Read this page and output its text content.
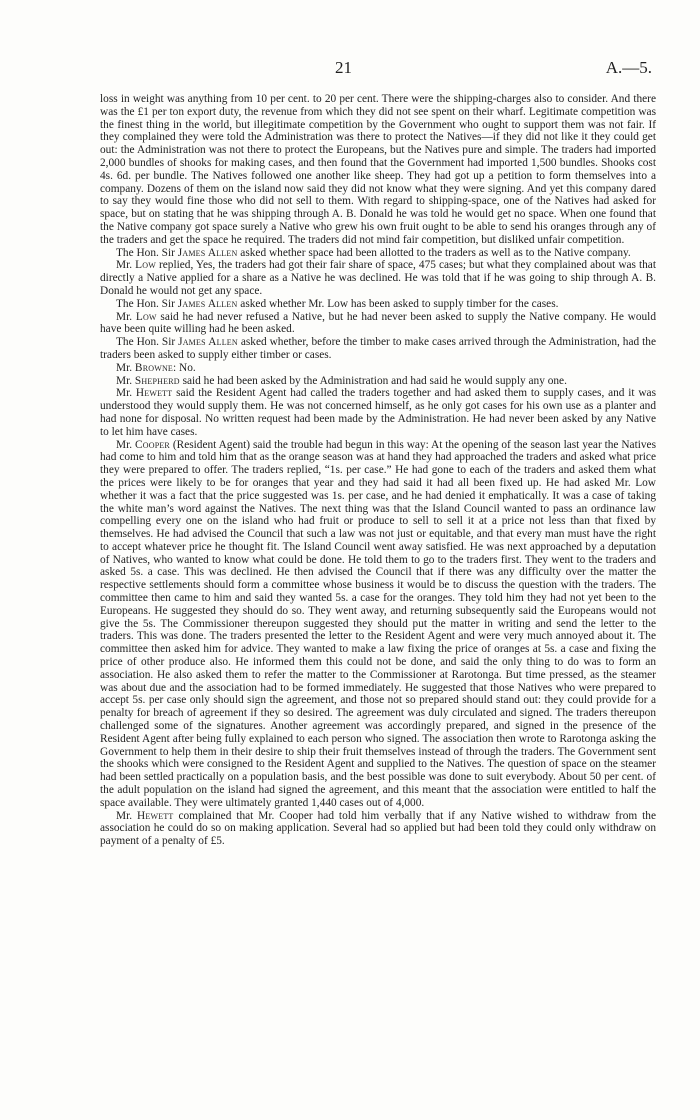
21	A.—5.

loss in weight was anything from 10 per cent. to 20 per cent. There were the shipping-charges also to consider. And there was the £1 per ton export duty, the revenue from which they did not see spent on their wharf. Legitimate competition was the finest thing in the world, but illegitimate competition by the Government who ought to support them was not fair. If they complained they were told the Administration was there to protect the Natives—if they did not like it they could get out: the Administration was not there to protect the Europeans, but the Natives pure and simple. The traders had imported 2,000 bundles of shooks for making cases, and then found that the Government had imported 1,500 bundles. Shooks cost 4s. 6d. per bundle. The Natives followed one another like sheep. They had got up a petition to form themselves into a company. Dozens of them on the island now said they did not know what they were signing. And yet this company dared to say they would fine those who did not sell to them. With regard to shipping-space, one of the Natives had asked for space, but on stating that he was shipping through A. B. Donald he was told he would get no space. When one found that the Native company got space surely a Native who grew his own fruit ought to be able to send his oranges through any of the traders and get the space he required. The traders did not mind fair competition, but disliked unfair competition.

The Hon. Sir James Allen asked whether space had been allotted to the traders as well as to the Native company.

Mr. Low replied, Yes, the traders had got their fair share of space, 475 cases; but what they complained about was that directly a Native applied for a share as a Native he was declined. He was told that if he was going to ship through A. B. Donald he would not get any space.

The Hon. Sir James Allen asked whether Mr. Low has been asked to supply timber for the cases.

Mr. Low said he had never refused a Native, but he had never been asked to supply the Native company. He would have been quite willing had he been asked.

The Hon. Sir James Allen asked whether, before the timber to make cases arrived through the Administration, had the traders been asked to supply either timber or cases.

Mr. Browne: No.

Mr. Shepherd said he had been asked by the Administration and had said he would supply any one.

Mr. Hewett said the Resident Agent had called the traders together and had asked them to supply cases, and it was understood they would supply them. He was not concerned himself, as he only got cases for his own use as a planter and had none for disposal. No written request had been made by the Administration. He had never been asked by any Native to let him have cases.

Mr. Cooper (Resident Agent) said the trouble had begun in this way: At the opening of the season last year the Natives had come to him and told him that as the orange season was at hand they had approached the traders and asked what price they were prepared to offer. The traders replied, “1s. per case.” He had gone to each of the traders and asked them what the prices were likely to be for oranges that year and they had said it had all been fixed up. He had asked Mr. Low whether it was a fact that the price suggested was 1s. per case, and he had denied it emphatically. It was a case of taking the white man’s word against the Natives. The next thing was that the Island Council wanted to pass an ordinance law compelling every one on the island who had fruit or produce to sell to sell it at a price not less than that fixed by themselves. He had advised the Council that such a law was not just or equitable, and that every man must have the right to accept whatever price he thought fit. The Island Council went away satisfied. He was next approached by a deputation of Natives, who wanted to know what could be done. He told them to go to the traders first. They went to the traders and asked 5s. a case. This was declined. He then advised the Council that if there was any difficulty over the matter the respective settlements should form a committee whose business it would be to discuss the question with the traders. The committee then came to him and said they wanted 5s. a case for the oranges. They told him they had not yet been to the Europeans. He suggested they should do so. They went away, and returning subsequently said the Europeans would not give the 5s. The Commissioner thereupon suggested they should put the matter in writing and send the letter to the traders. This was done. The traders presented the letter to the Resident Agent and were very much annoyed about it. The committee then asked him for advice. They wanted to make a law fixing the price of oranges at 5s. a case and fixing the price of other produce also. He informed them this could not be done, and said the only thing to do was to form an association. He also asked them to refer the matter to the Commissioner at Rarotonga. But time pressed, as the steamer was about due and the association had to be formed immediately. He suggested that those Natives who were prepared to accept 5s. per case only should sign the agreement, and those not so prepared should stand out: they could provide for a penalty for breach of agreement if they so desired. The agreement was duly circulated and signed. The traders thereupon challenged some of the signatures. Another agreement was accordingly prepared, and signed in the presence of the Resident Agent after being fully explained to each person who signed. The association then wrote to Rarotonga asking the Government to help them in their desire to ship their fruit themselves instead of through the traders. The Government sent the shooks which were consigned to the Resident Agent and supplied to the Natives. The question of space on the steamer had been settled practically on a population basis, and the best possible was done to suit everybody. About 50 per cent. of the adult population on the island had signed the agreement, and this meant that the association were entitled to half the space available. They were ultimately granted 1,440 cases out of 4,000.

Mr. Hewett complained that Mr. Cooper had told him verbally that if any Native wished to withdraw from the association he could do so on making application. Several had so applied but had been told they could only withdraw on payment of a penalty of £5.
